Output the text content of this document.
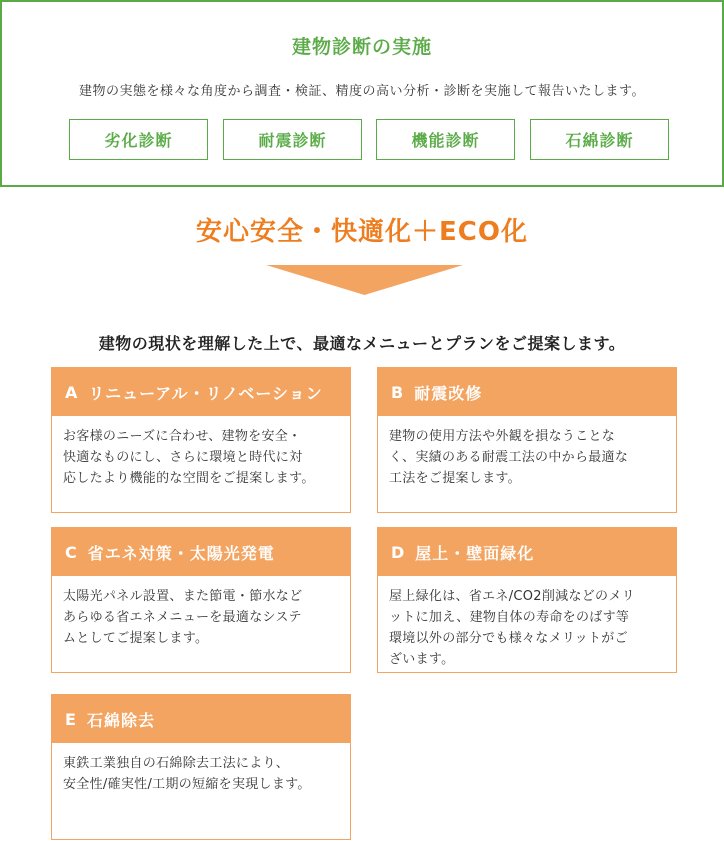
建物診断の実施
建物の実態を様々な角度から調査・検証、精度の高い分析・診断を実施して報告いたします。
劣化診断	耐震診断	機能診断	石綿診断
安心安全・快適化＋ECO化
建物の現状を理解した上で、最適なメニューとプランをご提案します。
A リニューアル・リノベーション
お客様のニーズに合わせ、建物を安全・
快適なものにし、さらに環境と時代に対
応したより機能的な空間をご提案します。
B 耐震改修
建物の使用方法や外観を損なうことな
く、実績のある耐震工法の中から最適な
工法をご提案します。
C 省エネ対策・太陽光発電
太陽光パネル設置、また節電・節水など
あらゆる省エネメニューを最適なシステ
ムとしてご提案します。
D 屋上・壁面緑化
屋上緑化は、省エネ/CO2削減などのメリ
ットに加え、建物自体の寿命をのばす等
環境以外の部分でも様々なメリットがご
ざいます。
E 石綿除去
東鉄工業独自の石綿除去工法により、
安全性/確実性/工期の短縮を実現します。
